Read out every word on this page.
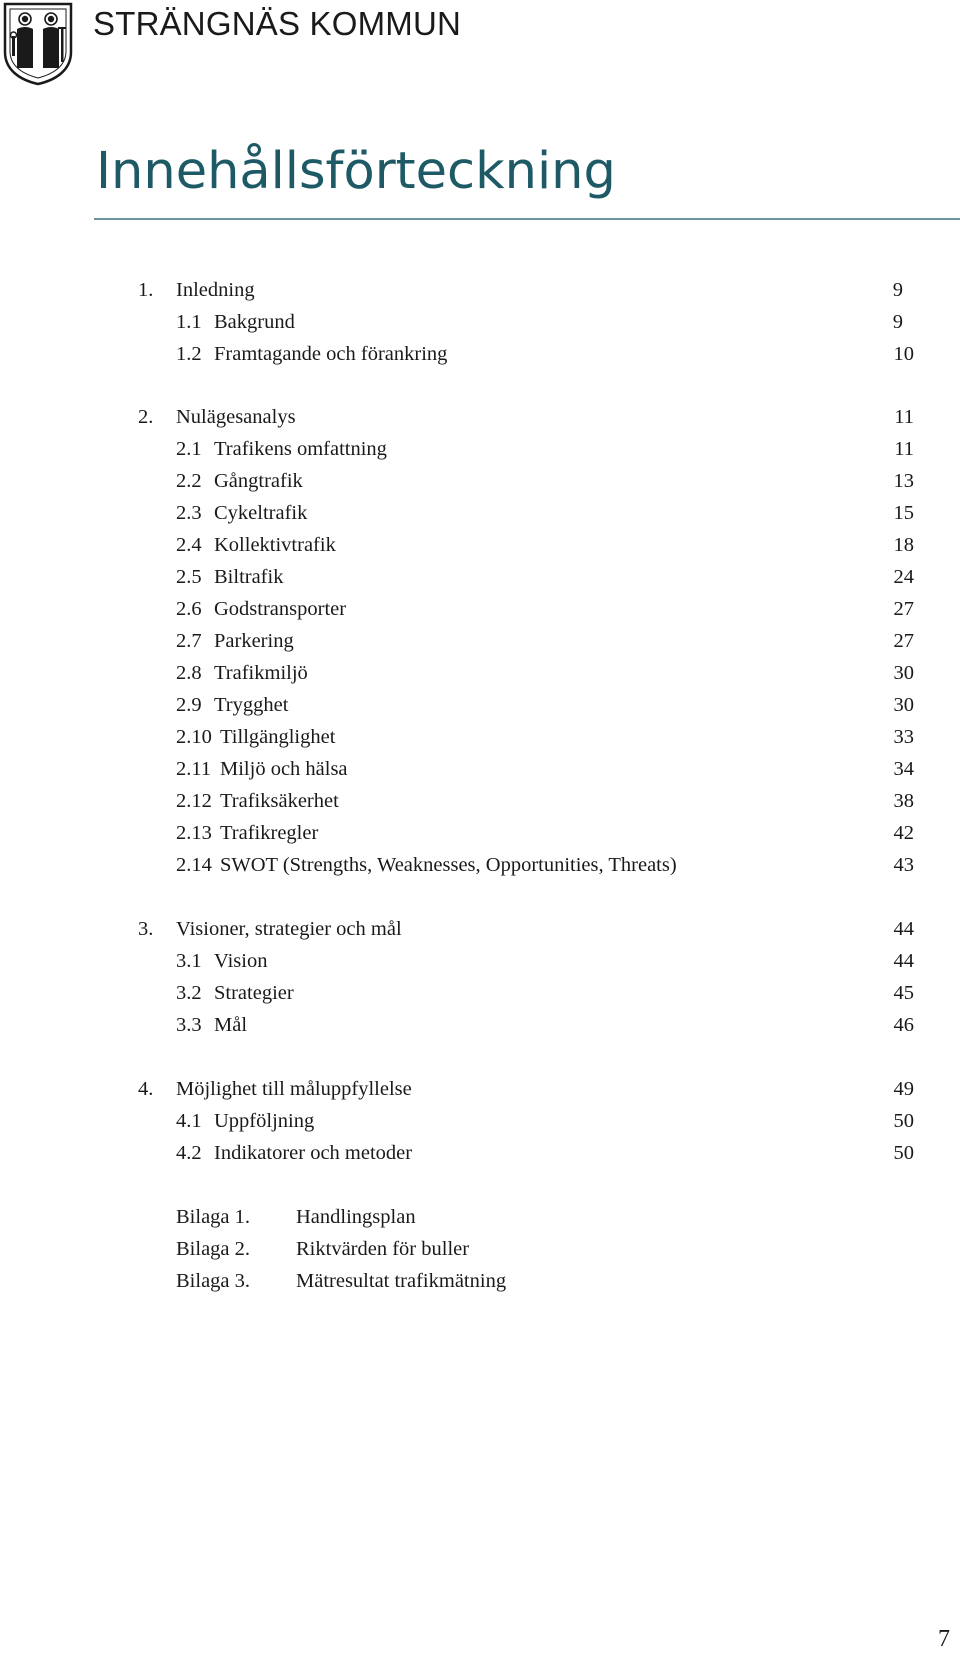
STRÄNGNÄS KOMMUN
Innehållsförteckning
1. Inledning	9
1.1 Bakgrund	9
1.2 Framtagande och förankring	10
2. Nulägesanalys	11
2.1 Trafikens omfattning	11
2.2 Gångtrafik	13
2.3 Cykeltrafik	15
2.4 Kollektivtrafik	18
2.5 Biltrafik	24
2.6 Godstransporter	27
2.7 Parkering	27
2.8 Trafikmiljö	30
2.9 Trygghet	30
2.10 Tillgänglighet	33
2.11 Miljö och hälsa	34
2.12 Trafiksäkerhet	38
2.13 Trafikregler	42
2.14 SWOT (Strengths, Weaknesses, Opportunities, Threats)	43
3. Visioner, strategier och mål	44
3.1 Vision	44
3.2 Strategier	45
3.3 Mål	46
4. Möjlighet till måluppfyllelse	49
4.1 Uppföljning	50
4.2 Indikatorer och metoder	50
Bilaga 1. Handlingsplan
Bilaga 2. Riktvärden för buller
Bilaga 3. Mätresultat trafikmätning
7
